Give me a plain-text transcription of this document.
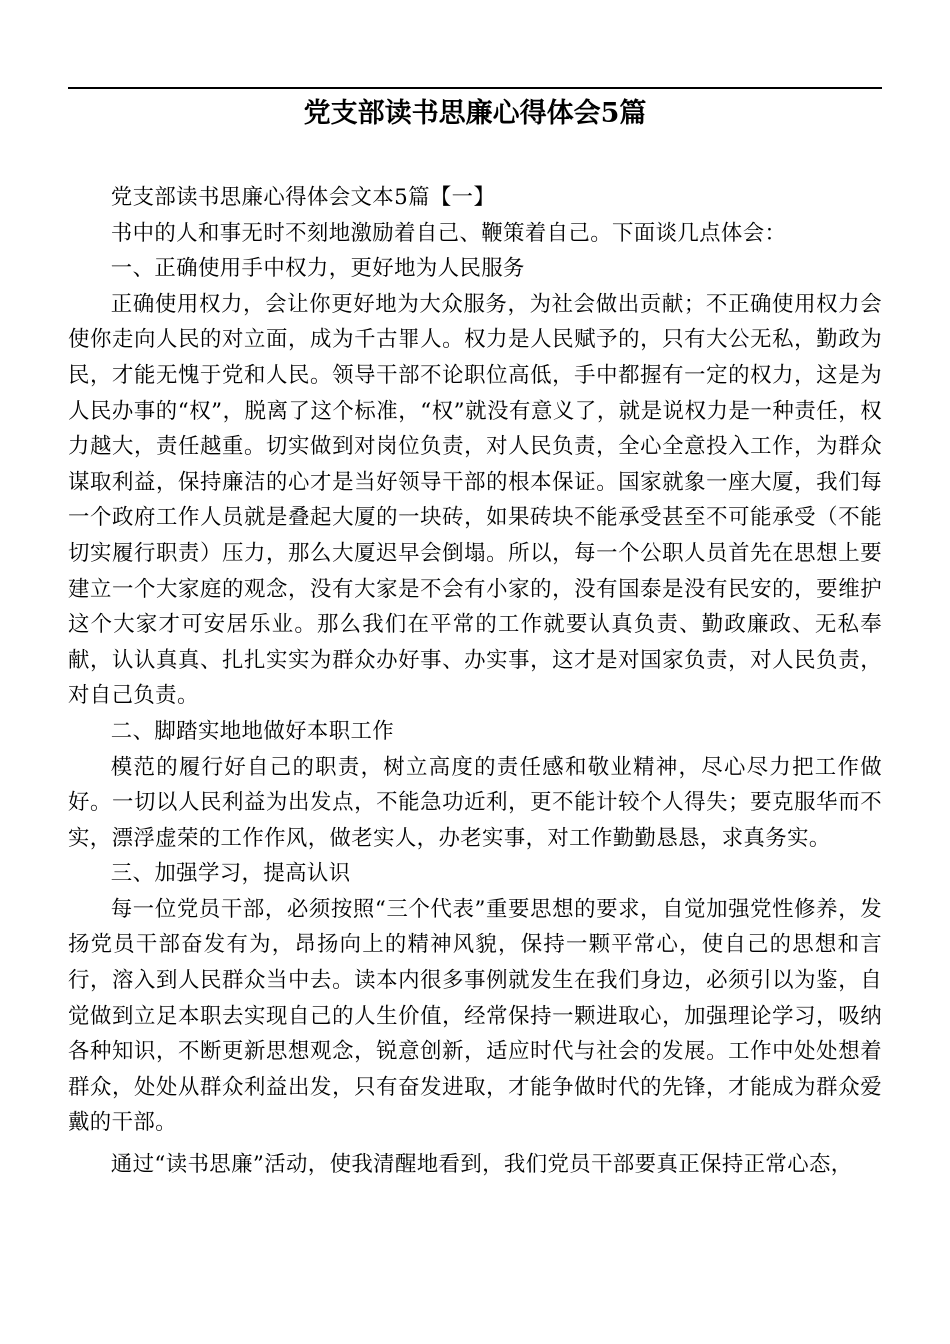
党支部读书思廉心得体会5篇

党支部读书思廉心得体会文本5篇【一】

书中的人和事无时不刻地激励着自己、鞭策着自己。下面谈几点体会：

一、正确使用手中权力，更好地为人民服务

正确使用权力，会让你更好地为大众服务，为社会做出贡献；不正确使用权力会使你走向人民的对立面，成为千古罪人。权力是人民赋予的，只有大公无私，勤政为民，才能无愧于党和人民。领导干部不论职位高低，手中都握有一定的权力，这是为人民办事的“权”，脱离了这个标准，“权”就没有意义了，就是说权力是一种责任，权力越大，责任越重。切实做到对岗位负责，对人民负责，全心全意投入工作，为群众谋取利益，保持廉洁的心才是当好领导干部的根本保证。国家就象一座大厦，我们每一个政府工作人员就是叠起大厦的一块砖，如果砖块不能承受甚至不可能承受（不能切实履行职责）压力，那么大厦迟早会倒塌。所以，每一个公职人员首先在思想上要建立一个大家庭的观念，没有大家是不会有小家的，没有国泰是没有民安的，要维护这个大家才可安居乐业。那么我们在平常的工作就要认真负责、勤政廉政、无私奉献，认认真真、扎扎实实为群众办好事、办实事，这才是对国家负责，对人民负责，对自己负责。

二、脚踏实地地做好本职工作

模范的履行好自己的职责，树立高度的责任感和敬业精神，尽心尽力把工作做好。一切以人民利益为出发点，不能急功近利，更不能计较个人得失；要克服华而不实，漂浮虚荣的工作作风，做老实人，办老实事，对工作勤勤恳恳，求真务实。

三、加强学习，提高认识

每一位党员干部，必须按照“三个代表”重要思想的要求，自觉加强党性修养，发扬党员干部奋发有为，昂扬向上的精神风貌，保持一颗平常心，使自己的思想和言行，溶入到人民群众当中去。读本内很多事例就发生在我们身边，必须引以为鉴，自觉做到立足本职去实现自己的人生价值，经常保持一颗进取心，加强理论学习，吸纳各种知识，不断更新思想观念，锐意创新，适应时代与社会的发展。工作中处处想着群众，处处从群众利益出发，只有奋发进取，才能争做时代的先锋，才能成为群众爱戴的干部。

通过“读书思廉”活动，使我清醒地看到，我们党员干部要真正保持正常心态，
